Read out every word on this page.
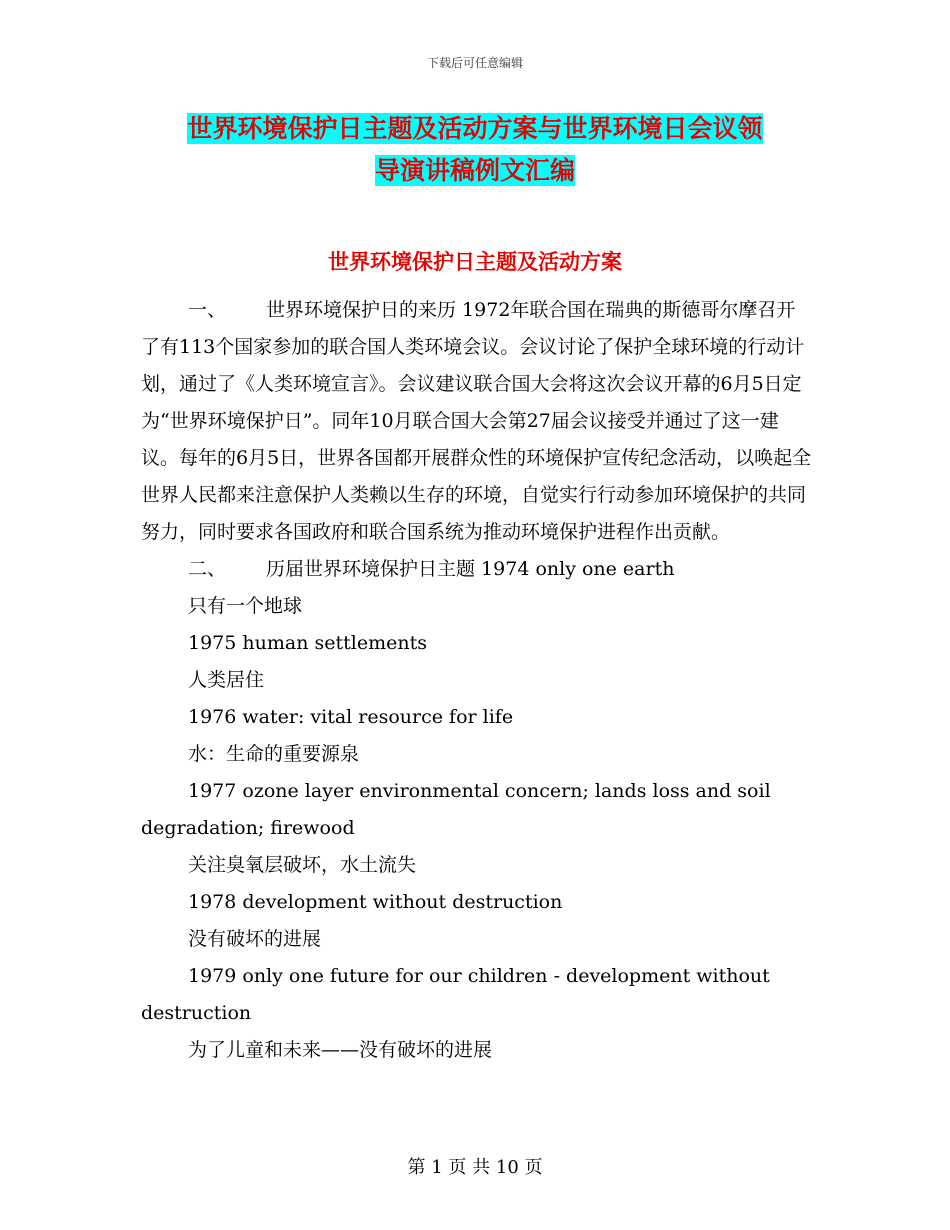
下载后可任意编辑
世界环境保护日主题及活动方案与世界环境日会议领
导演讲稿例文汇编
世界环境保护日主题及活动方案

一、 世界环境保护日的来历 1972年联合国在瑞典的斯德哥尔摩召开了有113个国家参加的联合国人类环境会议。会议讨论了保护全球环境的行动计划，通过了《人类环境宣言》。会议建议联合国大会将这次会议开幕的6月5日定为“世界环境保护日”。同年10月联合国大会第27届会议接受并通过了这一建议。每年的6月5日，世界各国都开展群众性的环境保护宣传纪念活动，以唤起全世界人民都来注意保护人类赖以生存的环境，自觉实行行动参加环境保护的共同努力，同时要求各国政府和联合国系统为推动环境保护进程作出贡献。

二、 历届世界环境保护日主题 1974 only one earth

只有一个地球

1975 human settlements

人类居住

1976 water: vital resource for life

水：生命的重要源泉

1977 ozone layer environmental concern; lands loss and soil degradation; firewood

关注臭氧层破坏，水土流失

1978 development without destruction

没有破坏的进展

1979 only one future for our children - development without destruction

为了儿童和未来——没有破坏的进展

第 1 页 共 10 页
